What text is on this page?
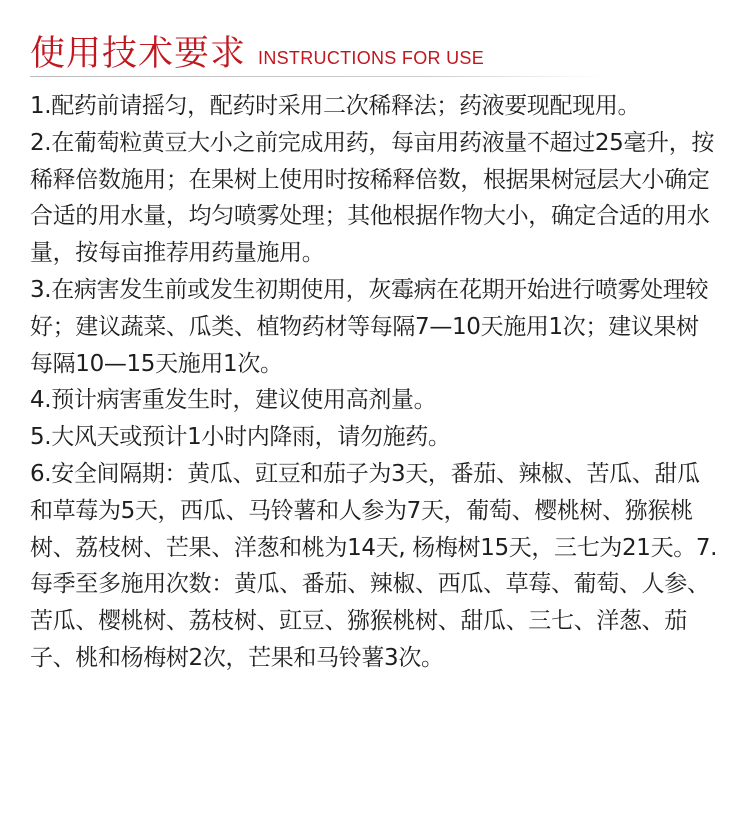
使用技术要求 INSTRUCTIONS FOR USE

1.配药前请摇匀，配药时采用二次稀释法；药液要现配现用。

2.在葡萄粒黄豆大小之前完成用药，每亩用药液量不超过25毫升，按稀释倍数施用；在果树上使用时按稀释倍数，根据果树冠层大小确定合适的用水量，均匀喷雾处理；其他根据作物大小，确定合适的用水量，按每亩推荐用药量施用。

3.在病害发生前或发生初期使用，灰霉病在花期开始进行喷雾处理较好；建议蔬菜、瓜类、植物药材等每隔7—10天施用1次；建议果树每隔10—15天施用1次。

4.预计病害重发生时，建议使用高剂量。

5.大风天或预计1小时内降雨，请勿施药。

6.安全间隔期：黄瓜、豇豆和茄子为3天，番茄、辣椒、苦瓜、甜瓜和草莓为5天，西瓜、马铃薯和人参为7天，葡萄、樱桃树、猕猴桃树、荔枝树、芒果、洋葱和桃为14天, 杨梅树15天，三七为21天。7.每季至多施用次数：黄瓜、番茄、辣椒、西瓜、草莓、葡萄、人参、苦瓜、樱桃树、荔枝树、豇豆、猕猴桃树、甜瓜、三七、洋葱、茄子、桃和杨梅树2次，芒果和马铃薯3次。
